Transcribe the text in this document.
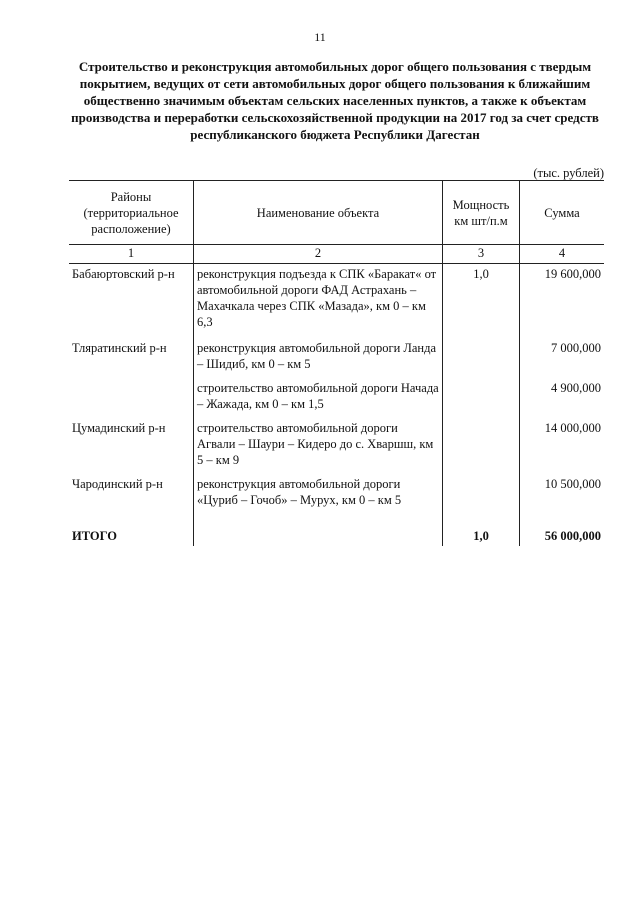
11
Строительство и реконструкция автомобильных дорог общего пользования с твердым покрытием, ведущих от сети автомобильных дорог общего пользования к ближайшим общественно значимым объектам сельских населенных пунктов, а также к объектам производства и переработки сельскохозяйственной продукции на 2017 год за счет средств республиканского бюджета Республики Дагестан
(тыс. рублей)
Районы (территориальное расположение)	Наименование объекта	Мощность км шт/п.м	Сумма
1	2	3	4
Бабаюртовский р-н	реконструкция подъезда к СПК «Баракат« от автомобильной дороги ФАД Астрахань – Махачкала через СПК «Мазада», км 0 – км 6,3	1,0	19 600,000
Тляратинский р-н	реконструкция автомобильной дороги Ланда – Шидиб, км 0 – км 5		7 000,000
	строительство автомобильной дороги Начада – Жажада, км 0 – км 1,5		4 900,000
Цумадинский р-н	строительство автомобильной дороги Агвали – Шаури – Кидеро до с. Хваршш, км 5 – км 9		14 000,000
Чародинский р-н	реконструкция автомобильной дороги «Цуриб – Гочоб» – Мурух, км 0 – км 5		10 500,000
ИТОГО		1,0	56 000,000
